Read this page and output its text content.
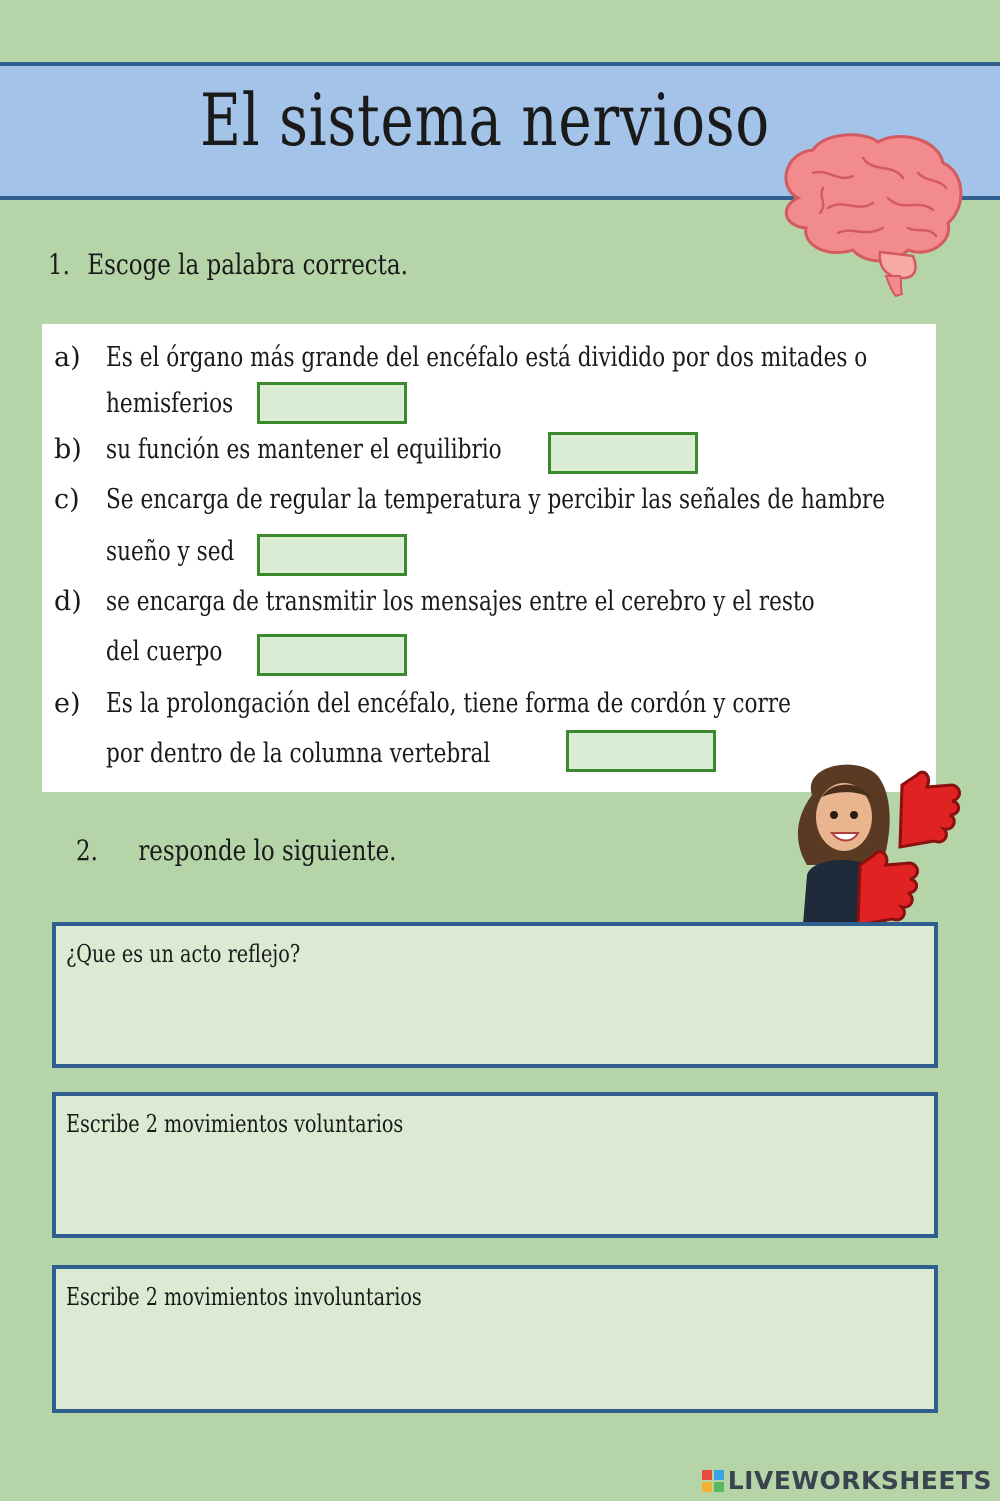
El sistema nervioso
1. Escoge la palabra correcta.
a) Es el órgano más grande del encéfalo está dividido por dos mitades o
hemisferios
b) su función es mantener el equilibrio
c) Se encarga de regular la temperatura y percibir las señales de hambre
sueño y sed
d) se encarga de transmitir los mensajes entre el cerebro y el resto
del cuerpo
e) Es la prolongación del encéfalo, tiene forma de cordón y corre
por dentro de la columna vertebral
2. responde lo siguiente.
¿Que es un acto reflejo?
Escribe 2 movimientos voluntarios
Escribe 2 movimientos involuntarios
LIVEWORKSHEETS
